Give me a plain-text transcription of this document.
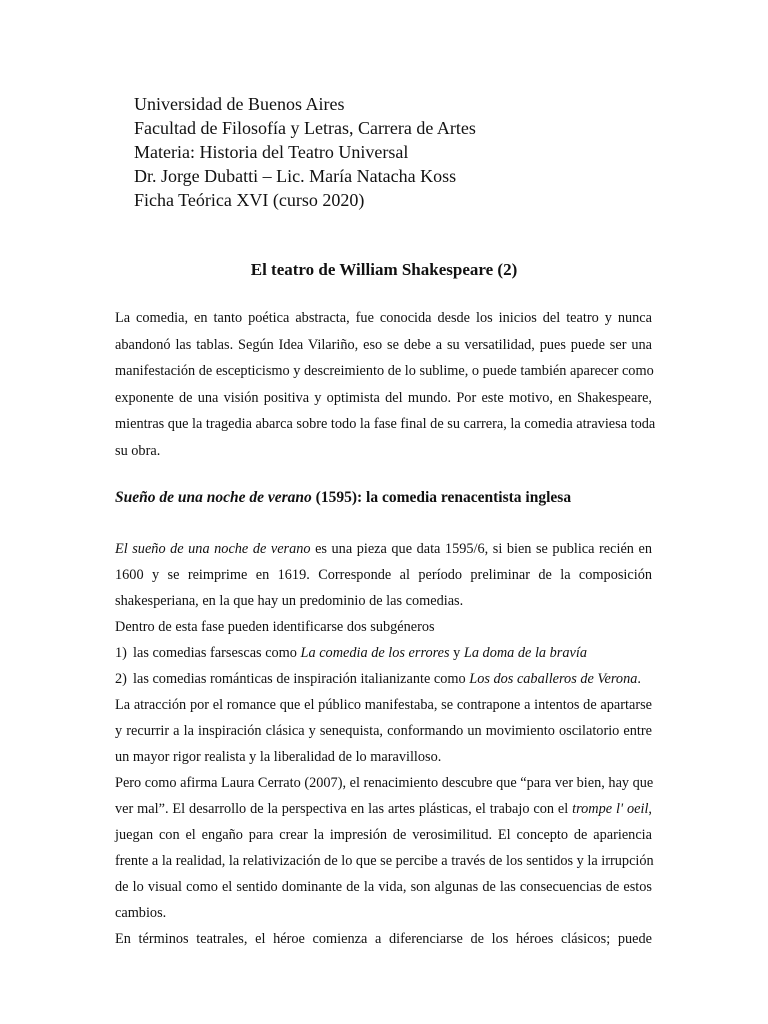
Universidad de Buenos Aires
Facultad de Filosofía y Letras, Carrera de Artes
Materia: Historia del Teatro Universal
Dr. Jorge Dubatti – Lic. María Natacha Koss
Ficha Teórica XVI (curso 2020)
El teatro de William Shakespeare (2)
La comedia, en tanto poética abstracta, fue conocida desde los inicios del teatro y nunca
abandonó las tablas. Según Idea Vilariño, eso se debe a su versatilidad, pues puede ser una
manifestación de escepticismo y descreimiento de lo sublime, o puede también aparecer como
exponente de una visión positiva y optimista del mundo. Por este motivo, en Shakespeare,
mientras que la tragedia abarca sobre todo la fase final de su carrera, la comedia atraviesa toda
su obra.
Sueño de una noche de verano (1595): la comedia renacentista inglesa
El sueño de una noche de verano es una pieza que data 1595/6, si bien se publica recién en
1600 y se reimprime en 1619. Corresponde al período preliminar de la composición
shakesperiana, en la que hay un predominio de las comedias.
Dentro de esta fase pueden identificarse dos subgéneros
1) las comedias farsescas como La comedia de los errores y La doma de la bravía
2) las comedias románticas de inspiración italianizante como Los dos caballeros de Verona.
La atracción por el romance que el público manifestaba, se contrapone a intentos de apartarse
y recurrir a la inspiración clásica y senequista, conformando un movimiento oscilatorio entre
un mayor rigor realista y la liberalidad de lo maravilloso.
Pero como afirma Laura Cerrato (2007), el renacimiento descubre que “para ver bien, hay que
ver mal”. El desarrollo de la perspectiva en las artes plásticas, el trabajo con el trompe l' oeil,
juegan con el engaño para crear la impresión de verosimilitud. El concepto de apariencia
frente a la realidad, la relativización de lo que se percibe a través de los sentidos y la irrupción
de lo visual como el sentido dominante de la vida, son algunas de las consecuencias de estos
cambios.
En términos teatrales, el héroe comienza a diferenciarse de los héroes clásicos; puede
